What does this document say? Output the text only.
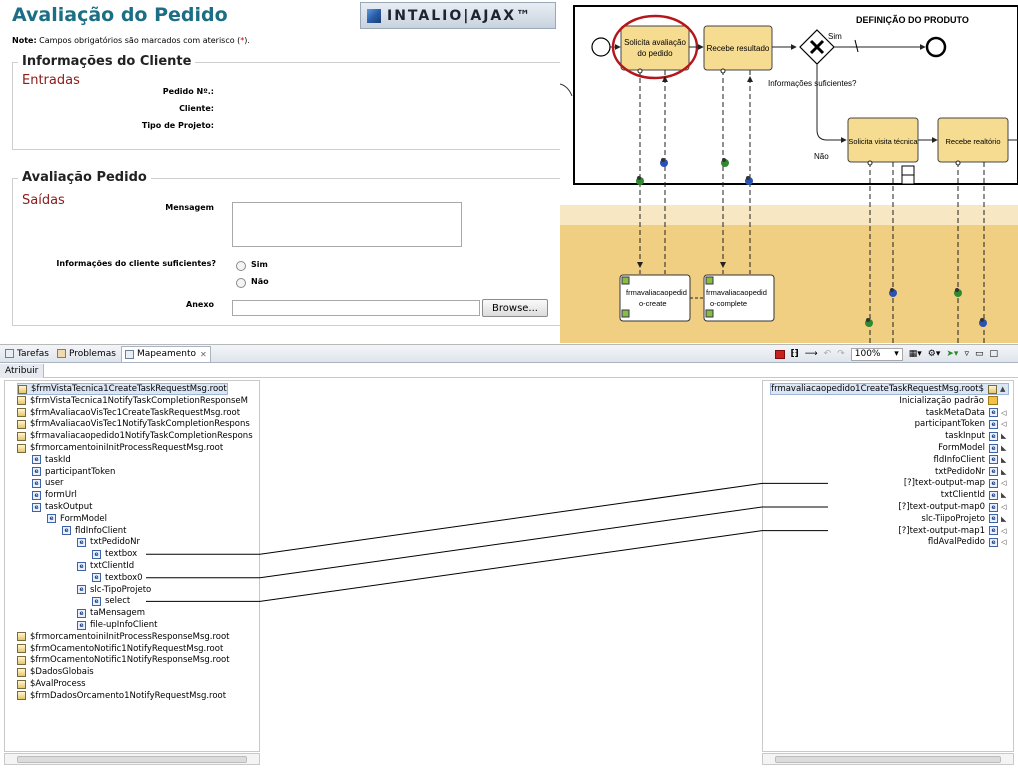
Avaliação do Pedido	INTALIO|AJAX™
Note: Campos obrigatórios são marcados com aterisco (*).
Informações do Cliente
Entradas
Pedido Nº.:
Cliente:
Tipo de Projeto:
Avaliação Pedido
Saídas	Mensagem
Informações do cliente suficientes?	Sim
Não
Anexo	Browse...
DEFINIÇÃO DO PRODUTO
Solicita avaliação
do pedido
Recebe resultado
Informações suficientes?
Sim
Não
Solicita visita técnica	Recebe realtório
frmavaliacaopedid
o-create
frmavaliacaopedid
o-complete
Tarefas Problemas Mapeamento ✕	⁅⁆ ⟶ ↶ ↷ 100% ▾ ▦▾ ⚙▾ ➤▾ ▿ ▭ □
Atribuir
$frmVistaTecnica1CreateTaskRequestMsg.root
$frmVistaTecnica1NotifyTaskCompletionResponseM
$frmAvaliacaoVisTec1CreateTaskRequestMsg.root
$frmAvaliacaoVisTec1NotifyTaskCompletionRespons
$frmavaliacaopedido1NotifyTaskCompletionRespons
$frmorcamentoiniInitProcessRequestMsg.root
e taskId
e participantToken
e user
e formUrl
e taskOutput
e FormModel
e fldInfoClient
e txtPedidoNr
e textbox
e txtClientId
e textbox0
e slc-TipoProjeto
e select
e taMensagem
e file-upInfoClient
$frmorcamentoiniInitProcessResponseMsg.root
$frmOcamentoNotific1NotifyRequestMsg.root
$frmOcamentoNotific1NotifyResponseMsg.root
$DadosGlobais
$AvalProcess
$frmDadosOrcamento1NotifyRequestMsg.root
frmavaliacaopedido1CreateTaskRequestMsg.root$ ▲
Inicialização padrão
taskMetaData	e ◁
participantToken	e ◁
taskInput	e ◣
FormModel	e ◣
fldInfoClient	e ◣
txtPedidoNr	e ◣
[?]text-output-map	e ◁
txtClientId	e ◣
[?]text-output-map0	e ◁
slc-TiipoProjeto	e ◣
[?]text-output-map1	e ◁
fldAvalPedido	e ◁
